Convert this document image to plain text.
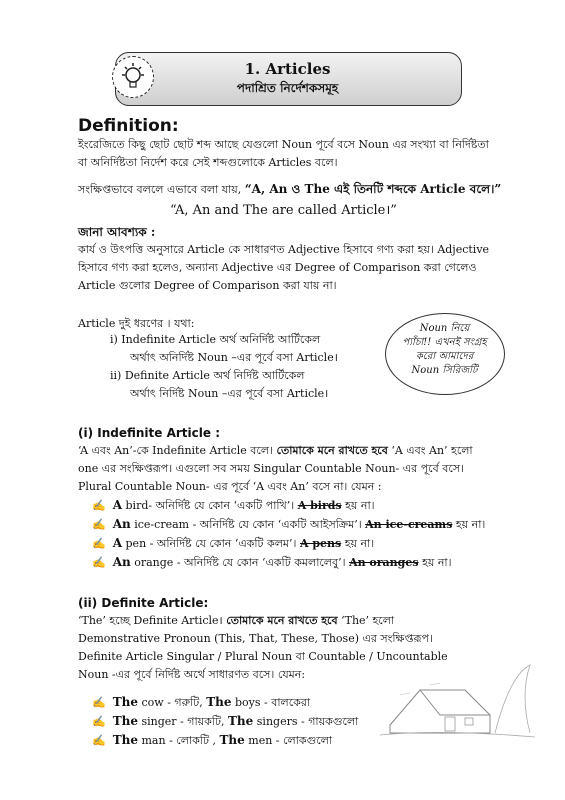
1. Articles
পদাশ্রিত নির্দেশকসমূহ
Definition:
ইংরেজিতে কিছু ছোট ছোট শব্দ আছে যেগুলো Noun পূর্বে বসে Noun এর সংখ্যা বা নির্দিষ্টতা
বা অনির্দিষ্টতা নির্দেশ করে সেই শব্দগুলোকে Articles বলে।
সংক্ষিপ্তভাবে বললে এভাবে বলা যায়, “A, An ও The এই তিনটি শব্দকে Article বলে।”
“A, An and The are called Article।”
জানা আবশ্যক :
কার্য ও উৎপত্তি অনুসারে Article কে সাধারণত Adjective হিসাবে গণ্য করা হয়। Adjective
হিসাবে গণ্য করা হলেও, অন্যান্য Adjective এর Degree of Comparison করা গেলেও
Article গুলোর Degree of Comparison করা যায় না।
Article দুই ধরণের । যথা:
i) Indefinite Article অর্থ অনির্দিষ্ট আর্টিকেল
অর্থাৎ অনির্দিষ্ট Noun –এর পূর্বে বসা Article।
ii) Definite Article অর্থ নির্দিষ্ট আর্টিকেল
অর্থাৎ নির্দিষ্ট Noun –এর পূর্বে বসা Article।
Noun নিয়ে
প্যাঁচা!! এখনই সংগ্রহ
করো আমাদের
Noun সিরিজটি
(i) Indefinite Article :
‘A এবং An’-কে Indefinite Article বলে। তোমাকে মনে রাখতে হবে ‘A এবং An’ হলো
one এর সংক্ষিপ্তরূপ। এগুলো সব সময় Singular Countable Noun- এর পূর্বে বসে।
Plural Countable Noun- এর পূর্বে ‘A এবং An’ বসে না। যেমন :
✍ A bird- অনির্দিষ্ট যে কোন ‘একটি পাখি’। A birds হয় না।
✍ An ice-cream - অনির্দিষ্ট যে কোন ‘একটি আইসক্রিম’। An ice-creams হয় না।
✍ A pen - অনির্দিষ্ট যে কোন ‘একটি কলম’। A pens হয় না।
✍ An orange - অনির্দিষ্ট যে কোন ‘একটি কমলালেবু’। An oranges হয় না।
(ii) Definite Article:
‘The’ হচ্ছে Definite Article। তোমাকে মনে রাখতে হবে ‘The’ হলো
Demonstrative Pronoun (This, That, These, Those) এর সংক্ষিপ্তরূপ।
Definite Article Singular / Plural Noun বা Countable / Uncountable
Noun -এর পূর্বে নির্দিষ্ট অর্থে সাধারণত বসে। যেমন:
✍ The cow - গরুটি, The boys - বালকেরা
✍ The singer - গায়কটি, The singers - গায়কগুলো
✍ The man - লোকটি , The men - লোকগুলো
